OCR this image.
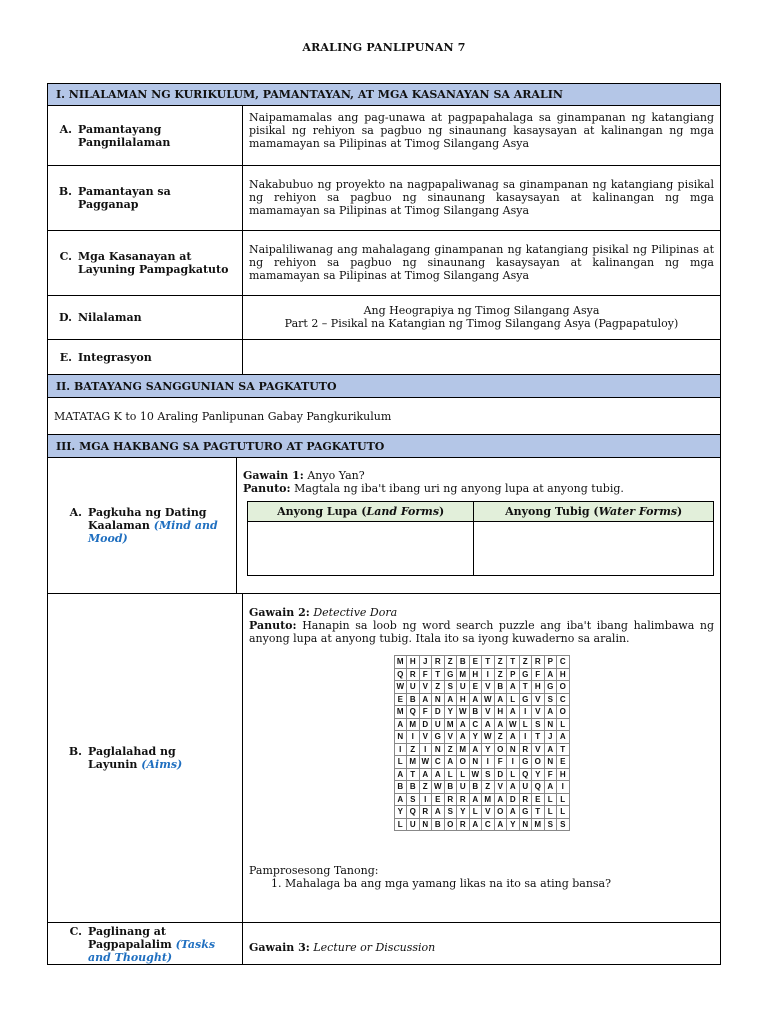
ARALING PANLIPUNAN 7
I. NILALAMAN NG KURIKULUM, PAMANTAYAN, AT MGA KASANAYAN SA ARALIN
A. Pamantayang Pangnilalaman
Naipamamalas ang pag-unawa at pagpapahalaga sa ginampanan ng katangiang pisikal ng rehiyon sa pagbuo ng sinaunang kasaysayan at kalinangan ng mga mamamayan sa Pilipinas at Timog Silangang Asya
B. Pamantayan sa Pagganap
Nakabubuo ng proyekto na nagpapaliwanag sa ginampanan ng katangiang pisikal ng rehiyon sa pagbuo ng sinaunang kasaysayan at kalinangan ng mga mamamayan sa Pilipinas at Timog Silangang Asya
C. Mga Kasanayan at Layuning Pampagkatuto
Naipaliliwanag ang mahalagang ginampanan ng katangiang pisikal ng Pilipinas at ng rehiyon sa pagbuo ng sinaunang kasaysayan at kalinangan ng mga mamamayan sa Pilipinas at Timog Silangang Asya
D. Nilalaman
Ang Heograpiya ng Timog Silangang Asya
Part 2 – Pisikal na Katangian ng Timog Silangang Asya (Pagpapatuloy)
E. Integrasyon
II. BATAYANG SANGGUNIAN SA PAGKATUTO
MATATAG K to 10 Araling Panlipunan Gabay Pangkurikulum
III. MGA HAKBANG SA PAGTUTURO AT PAGKATUTO
A. Pagkuha ng Dating Kaalaman (Mind and Mood)
Gawain 1: Anyo Yan?
Panuto: Magtala ng iba't ibang uri ng anyong lupa at anyong tubig.
Anyong Lupa (Land Forms)	Anyong Tubig (Water Forms)

B. Paglalahad ng Layunin (Aims)
Gawain 2: Detective Dora
Panuto: Hanapin sa loob ng word search puzzle ang iba't ibang halimbawa ng anyong lupa at anyong tubig. Itala ito sa iyong kuwaderno sa aralin.
M	H	J	R	Z	B	E	T	Z	T	Z	R	P	C
Q	R	F	T	G	M	H	I	Z	P	G	F	A	H
W	U	V	Z	S	U	E	V	B	A	T	H	G	O
E	B	A	N	A	H	A	W	A	L	G	V	S	C
M	Q	F	D	Y	W	B	V	H	A	I	V	A	O
A	M	D	U	M	A	C	A	A	W	L	S	N	L
N	I	V	G	V	A	Y	W	Z	A	I	T	J	A
I	Z	I	N	Z	M	A	Y	O	N	R	V	A	T
L	M	W	C	A	O	N	I	F	I	G	O	N	E
A	T	A	A	L	L	W	S	D	L	Q	Y	F	H
B	B	Z	W	B	U	B	Z	V	A	U	Q	A	I
A	S	I	E	R	R	A	M	A	D	R	E	L	L
Y	Q	R	A	S	Y	L	V	O	A	G	T	L	L
L	U	N	B	O	R	A	C	A	Y	N	M	S	S
Pamprosesong Tanong:
1. Mahalaga ba ang mga yamang likas na ito sa ating bansa?
C. Paglinang at Pagpapalalim (Tasks and Thought)
Gawain 3: Lecture or Discussion
